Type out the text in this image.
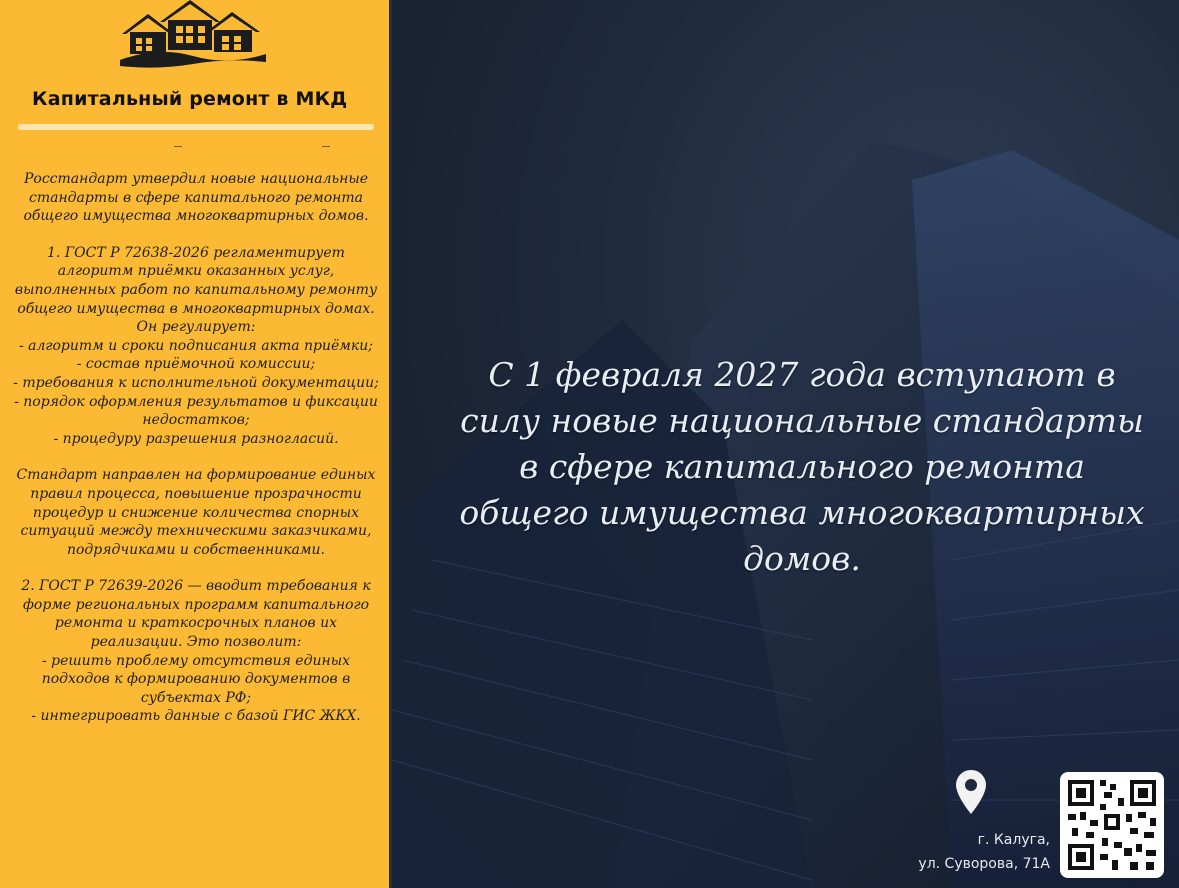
Капитальный ремонт в МКД

Росстандарт утвердил новые национальные
стандарты в сфере капитального ремонта
общего имущества многоквартирных домов.

1. ГОСТ Р 72638-2026 регламентирует
алгоритм приёмки оказанных услуг,
выполненных работ по капитальному ремонту
общего имущества в многоквартирных домах.
Он регулирует:
- алгоритм и сроки подписания акта приёмки;
- состав приёмочной комиссии;
- требования к исполнительной документации;
- порядок оформления результатов и фиксации
недостатков;
- процедуру разрешения разногласий.

Стандарт направлен на формирование единых
правил процесса, повышение прозрачности
процедур и снижение количества спорных
ситуаций между техническими заказчиками,
подрядчиками и собственниками.

2. ГОСТ Р 72639-2026 — вводит требования к
форме региональных программ капитального
ремонта и краткосрочных планов их
реализации. Это позволит:
- решить проблему отсутствия единых
подходов к формированию документов в
субъектах РФ;
- интегрировать данные с базой ГИС ЖКХ.

С 1 февраля 2027 года вступают в силу новые национальные стандарты в сфере капитального ремонта общего имущества многоквартирных домов.
г. Калуга,
ул. Суворова, 71А
